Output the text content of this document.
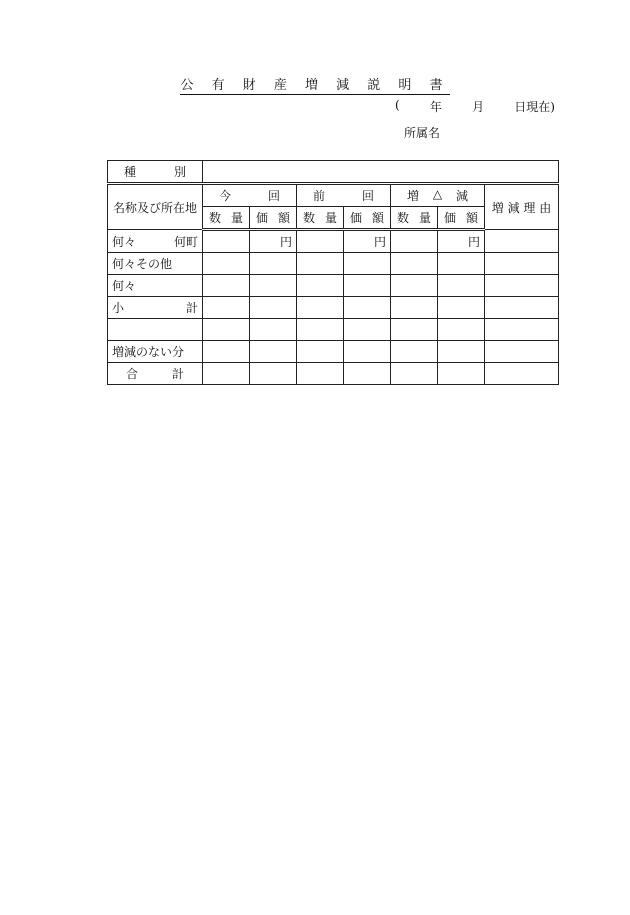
公 有 財 産 増 減 説 明 書
(	年	月	日現在)
所属名
種 別							

名称及び所在地	今 回		前 回		増 △ 減		増 減 理 由

	数 量	価 額	数 量	価 額	数 量	価 額	

何々 何町		円		円		円	
何々その他							
何々							

小 計							

増減のない分							

合 計							
